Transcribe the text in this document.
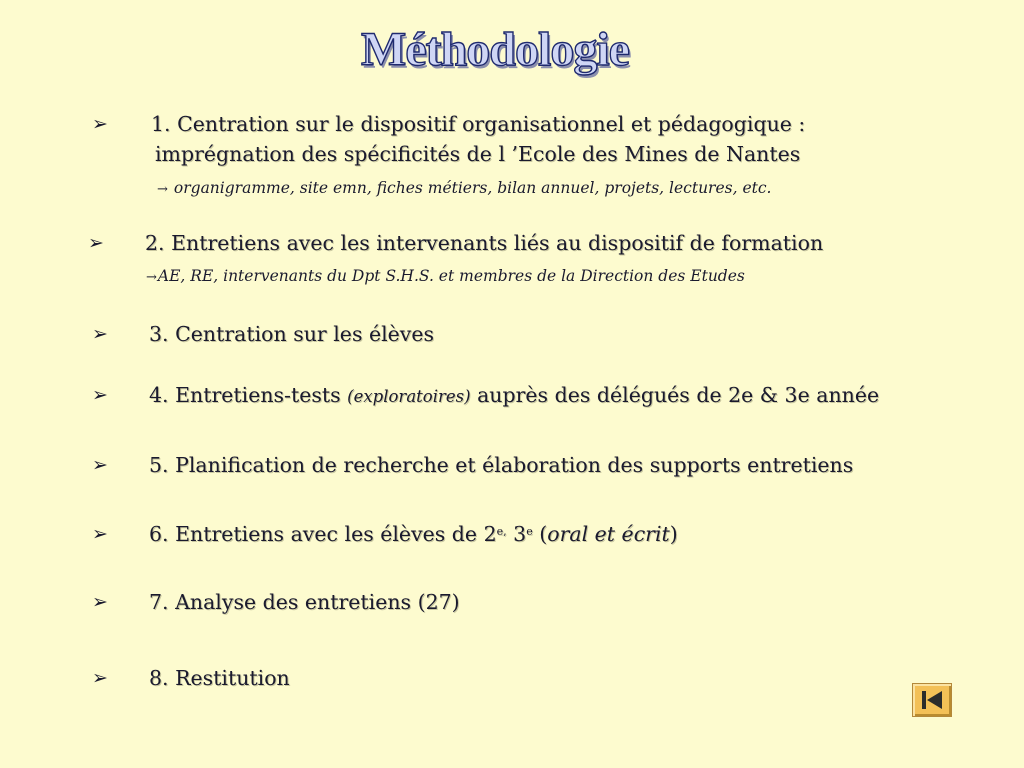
Méthodologie
➢ 1. Centration sur le dispositif organisationnel et pédagogique :
imprégnation des spécificités de l ’Ecole des Mines de Nantes
→ organigramme, site emn, fiches métiers, bilan annuel, projets, lectures, etc.
➢ 2. Entretiens avec les intervenants liés au dispositif de formation
→AE, RE, intervenants du Dpt S.H.S. et membres de la Direction des Etudes
➢ 3. Centration sur les élèves
➢ 4. Entretiens-tests (exploratoires) auprès des délégués de 2e & 3e année
➢ 5. Planification de recherche et élaboration des supports entretiens
➢ 6. Entretiens avec les élèves de $2^{e,}$ 3e (oral et écrit)
➢ 7. Analyse des entretiens (27)
➢ 8. Restitution
